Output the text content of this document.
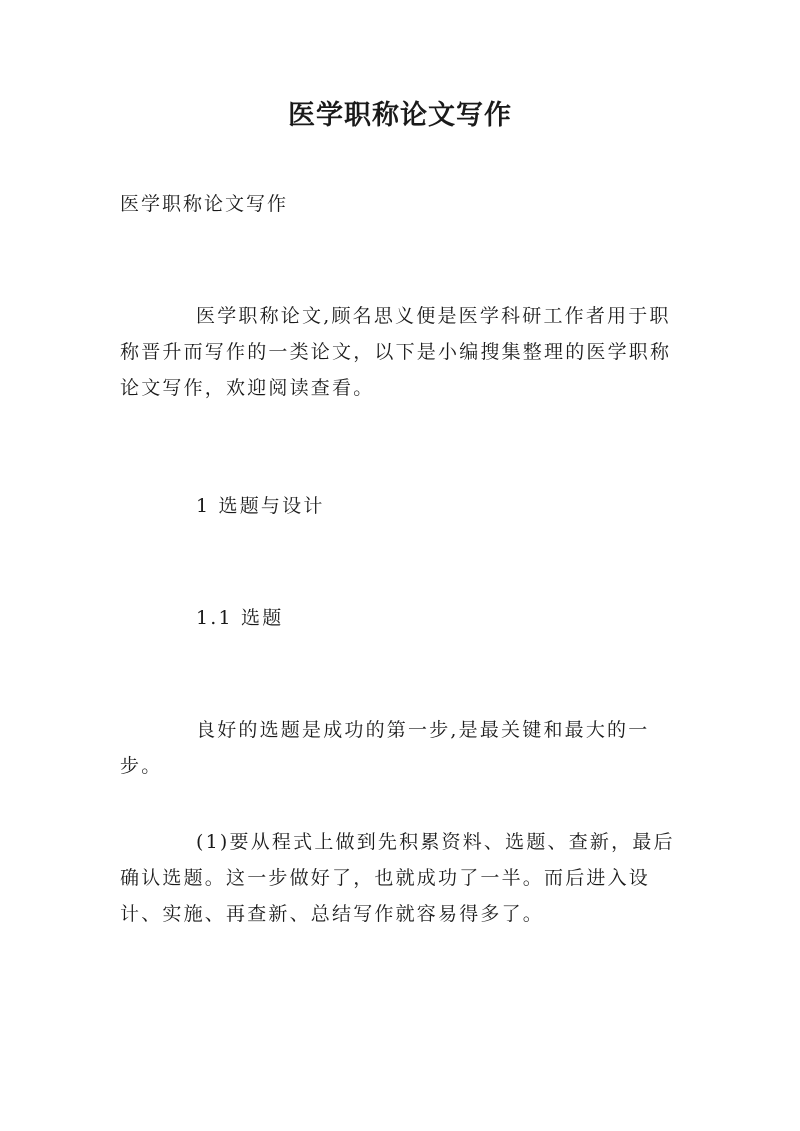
医学职称论文写作

医学职称论文写作

医学职称论文,顾名思义便是医学科研工作者用于职称晋升而写作的一类论文，以下是小编搜集整理的医学职称论文写作，欢迎阅读查看。

1 选题与设计

1.1 选题

良好的选题是成功的第一步,是最关键和最大的一步。

(1)要从程式上做到先积累资料、选题、查新，最后确认选题。这一步做好了，也就成功了一半。而后进入设计、实施、再查新、总结写作就容易得多了。
